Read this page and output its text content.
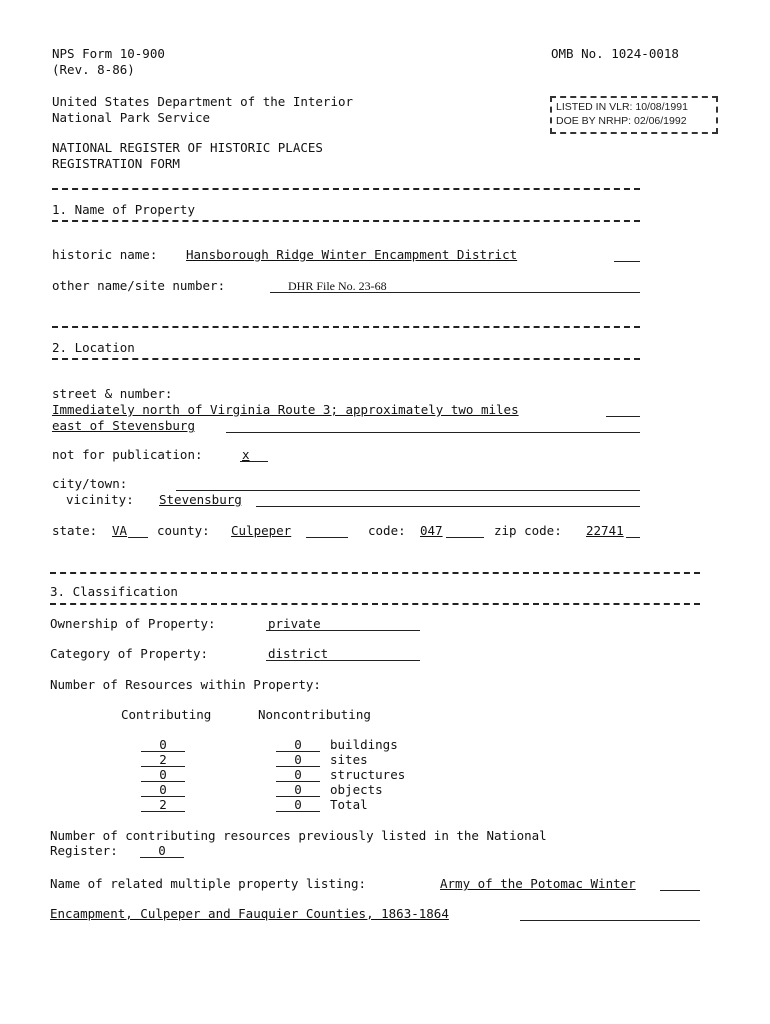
NPS Form 10-900
(Rev. 8-86)
OMB No. 1024-0018
United States Department of the Interior
National Park Service
LISTED IN VLR: 10/08/1991
DOE BY NRHP: 02/06/1992
NATIONAL REGISTER OF HISTORIC PLACES
REGISTRATION FORM
1. Name of Property
historic name: Hansborough Ridge Winter Encampment District
other name/site number:	DHR File No. 23-68
2. Location
street & number:
Immediately north of Virginia Route 3; approximately two miles
east of Stevensburg
not for publication:	x
city/town:
vicinity: Stevensburg
state: VA county: Culpeper	code: 047	zip code: 22741
3. Classification
Ownership of Property:	private
Category of Property:	district
Number of Resources within Property:
Contributing	Noncontributing
0	0	buildings
2	0	sites
0	0	structures
0	0	objects
2	0	Total
Number of contributing resources previously listed in the National
Register:	0
Name of related multiple property listing:	Army of the Potomac Winter
Encampment, Culpeper and Fauquier Counties, 1863-1864
